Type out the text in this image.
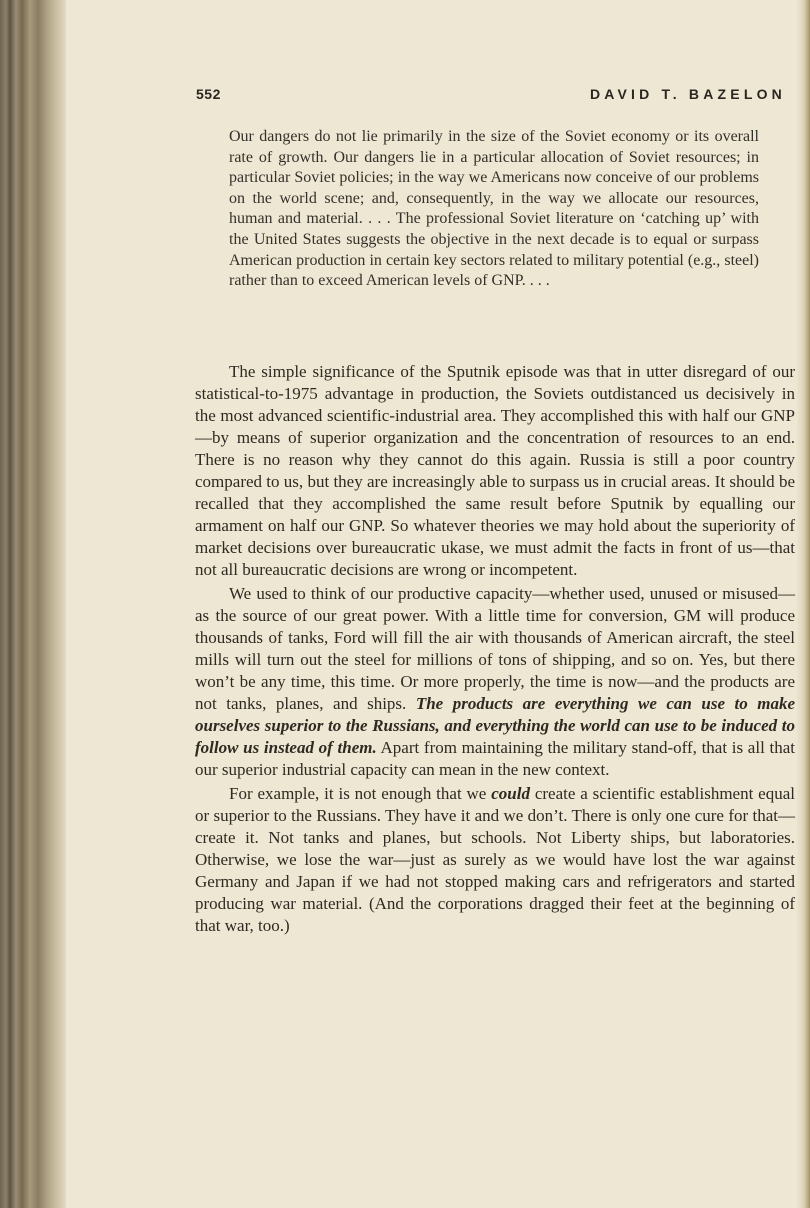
552	DAVID T. BAZELON

Our dangers do not lie primarily in the size of the Soviet economy or its overall rate of growth. Our dangers lie in a particular allocation of Soviet resources; in particular Soviet policies; in the way we Americans now conceive of our problems on the world scene; and, consequently, in the way we allocate our resources, human and material. . . . The professional Soviet literature on ‘catching up’ with the United States suggests the objective in the next decade is to equal or surpass American production in certain key sectors related to military potential (e.g., steel) rather than to exceed American levels of GNP. . . .

The simple significance of the Sputnik episode was that in utter disregard of our statistical-to-1975 advantage in production, the Soviets outdistanced us decisively in the most advanced scientific-industrial area. They accomplished this with half our GNP—by means of superior organization and the concentration of resources to an end. There is no reason why they cannot do this again. Russia is still a poor country compared to us, but they are increasingly able to surpass us in crucial areas. It should be recalled that they accomplished the same result before Sputnik by equalling our armament on half our GNP. So whatever theories we may hold about the superiority of market decisions over bureaucratic ukase, we must admit the facts in front of us—that not all bureaucratic decisions are wrong or incompetent.

We used to think of our productive capacity—whether used, unused or misused—as the source of our great power. With a little time for conversion, GM will produce thousands of tanks, Ford will fill the air with thousands of American aircraft, the steel mills will turn out the steel for millions of tons of shipping, and so on. Yes, but there won’t be any time, this time. Or more properly, the time is now—and the products are not tanks, planes, and ships. The products are everything we can use to make ourselves superior to the Russians, and everything the world can use to be induced to follow us instead of them. Apart from maintaining the military stand-off, that is all that our superior industrial capacity can mean in the new context.

For example, it is not enough that we could create a scientific establishment equal or superior to the Russians. They have it and we don’t. There is only one cure for that—create it. Not tanks and planes, but schools. Not Liberty ships, but laboratories. Otherwise, we lose the war—just as surely as we would have lost the war against Germany and Japan if we had not stopped making cars and refrigerators and started producing war material. (And the corporations dragged their feet at the beginning of that war, too.)
